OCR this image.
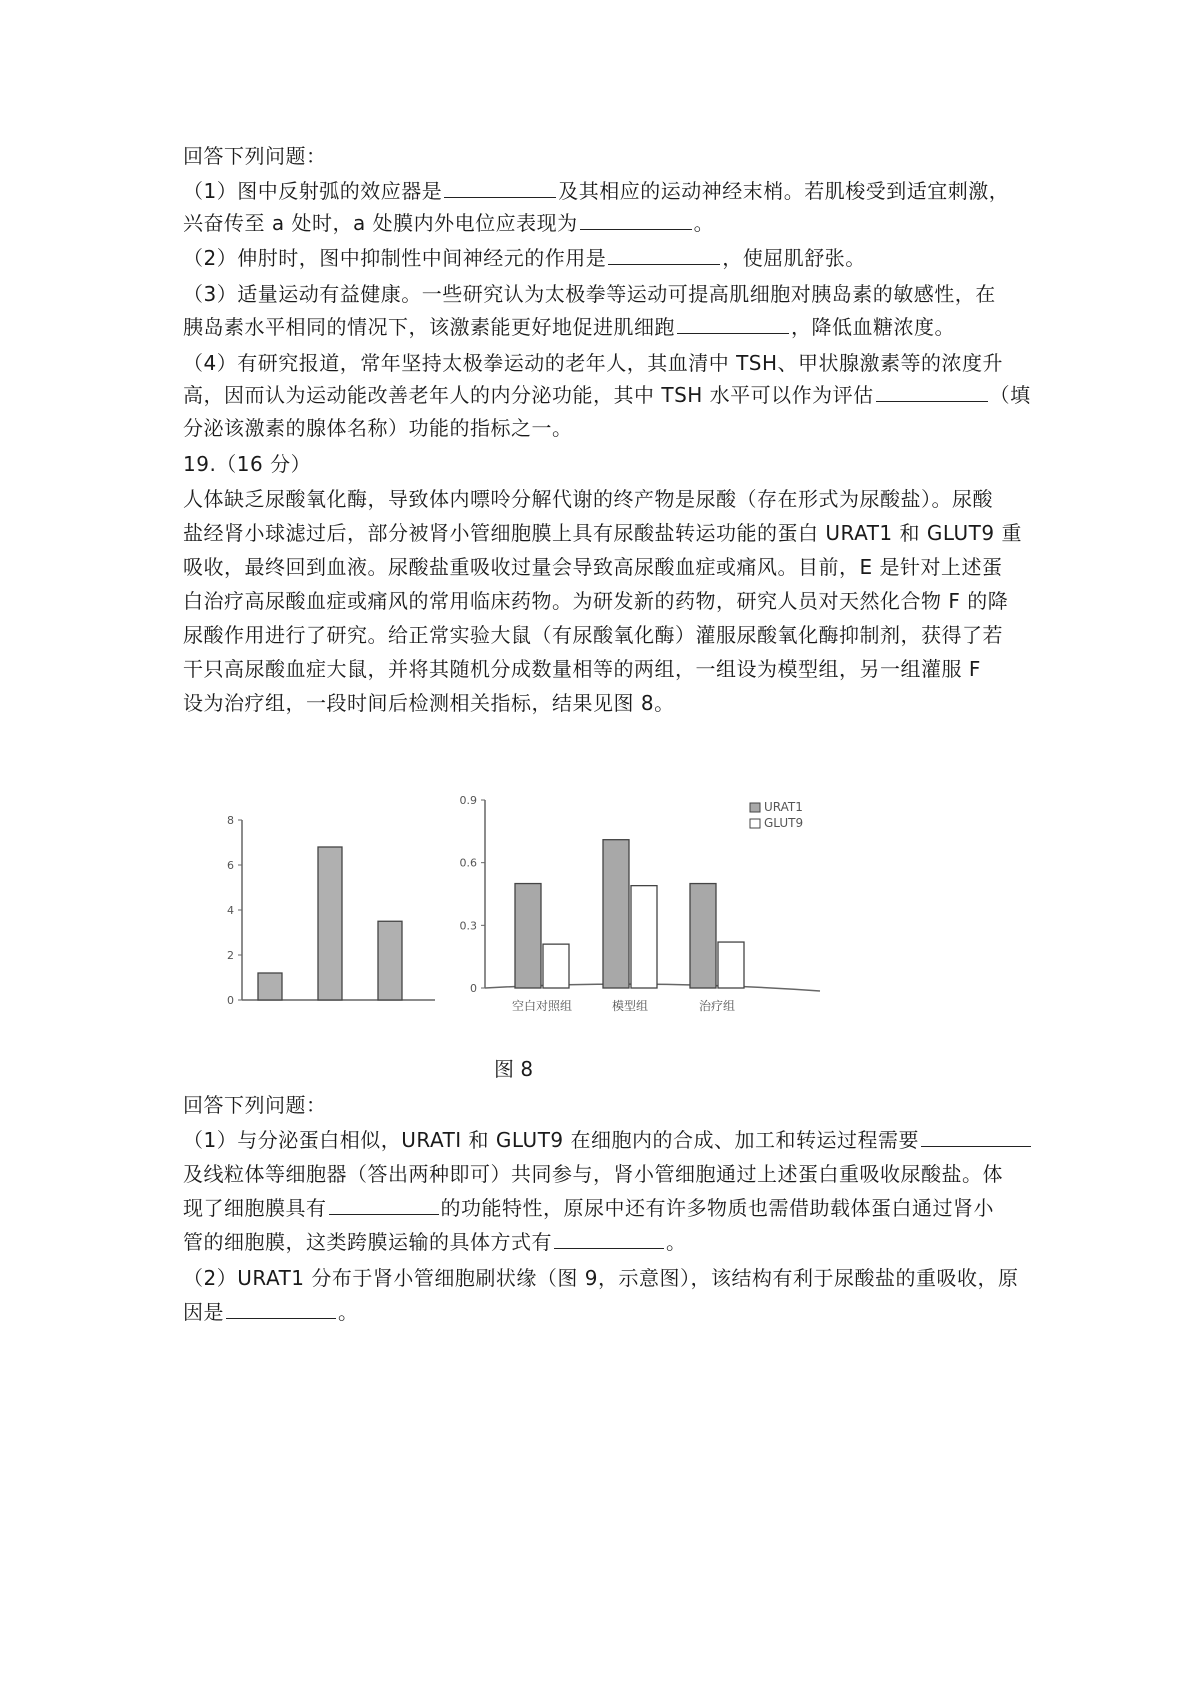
回答下列问题：
（1）图中反射弧的效应器是	及其相应的运动神经末梢。若肌梭受到适宜刺激，
兴奋传至 a 处时，a 处膜内外电位应表现为	。
（2）伸肘时，图中抑制性中间神经元的作用是	，使屈肌舒张。
（3）适量运动有益健康。一些研究认为太极拳等运动可提高肌细胞对胰岛素的敏感性，在
胰岛素水平相同的情况下，该激素能更好地促进肌细跑	，降低血糖浓度。
（4）有研究报道，常年坚持太极拳运动的老年人，其血清中 TSH、甲状腺激素等的浓度升
高，因而认为运动能改善老年人的内分泌功能，其中 TSH 水平可以作为评估	（填
分泌该激素的腺体名称）功能的指标之一。
19.（16 分）
人体缺乏尿酸氧化酶，导致体内嘌呤分解代谢的终产物是尿酸（存在形式为尿酸盐）。尿酸
盐经肾小球滤过后，部分被肾小管细胞膜上具有尿酸盐转运功能的蛋白 URAT1 和 GLUT9 重
吸收，最终回到血液。尿酸盐重吸收过量会导致高尿酸血症或痛风。目前，E 是针对上述蛋
白治疗高尿酸血症或痛风的常用临床药物。为研发新的药物，研究人员对天然化合物 F 的降
尿酸作用进行了研究。给正常实验大鼠（有尿酸氧化酶）灌服尿酸氧化酶抑制剂，获得了若
干只高尿酸血症大鼠，并将其随机分成数量相等的两组，一组设为模型组，另一组灌服 F
设为治疗组，一段时间后检测相关指标，结果见图 8。
0
2
4
6
8
0
0.3
0.6
0.9
空白对照组	模型组	治疗组
URAT1
GLUT9
图 8
回答下列问题：
（1）与分泌蛋白相似，URATI 和 GLUT9 在细胞内的合成、加工和转运过程需要
及线粒体等细胞器（答出两种即可）共同参与，肾小管细胞通过上述蛋白重吸收尿酸盐。体
现了细胞膜具有	的功能特性，原尿中还有许多物质也需借助载体蛋白通过肾小
管的细胞膜，这类跨膜运输的具体方式有	。
（2）URAT1 分布于肾小管细胞刷状缘（图 9，示意图），该结构有利于尿酸盐的重吸收，原
因是	。
